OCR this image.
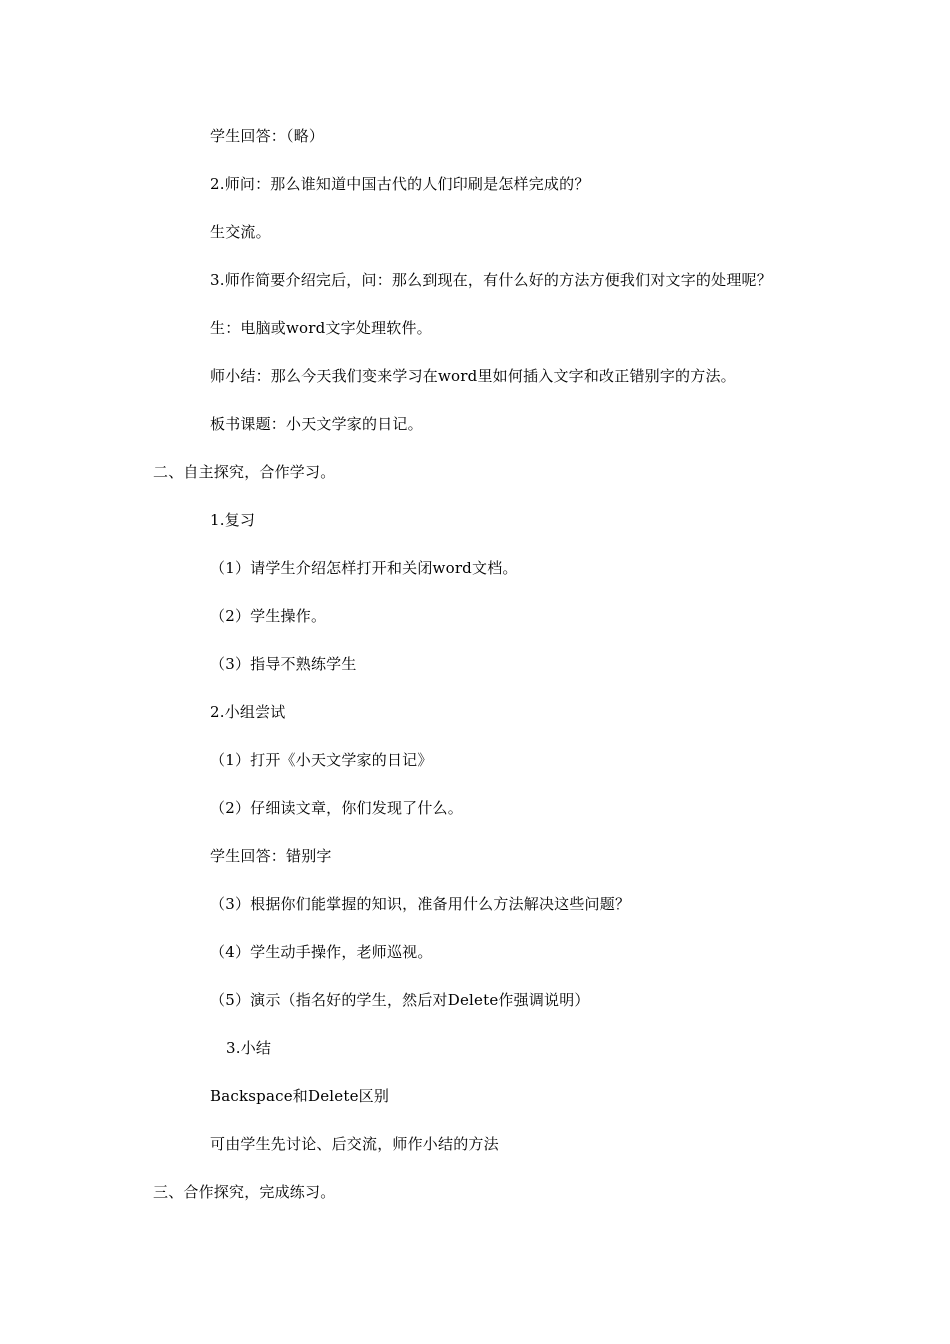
学生回答：（略）
2.师问：那么谁知道中国古代的人们印刷是怎样完成的？
生交流。
3.师作简要介绍完后，问：那么到现在，有什么好的方法方便我们对文字的处理呢？
生：电脑或word文字处理软件。
师小结：那么今天我们变来学习在word里如何插入文字和改正错别字的方法。
板书课题：小天文学家的日记。
二、自主探究，合作学习。
1.复习
（1）请学生介绍怎样打开和关闭word文档。
（2）学生操作。
（3）指导不熟练学生
2.小组尝试
（1）打开《小天文学家的日记》
（2）仔细读文章，你们发现了什么。
学生回答：错别字
（3）根据你们能掌握的知识，准备用什么方法解决这些问题？
（4）学生动手操作，老师巡视。
（5）演示（指名好的学生，然后对Delete作强调说明）
3.小结
Backspace和Delete区别
可由学生先讨论、后交流，师作小结的方法
三、合作探究，完成练习。
